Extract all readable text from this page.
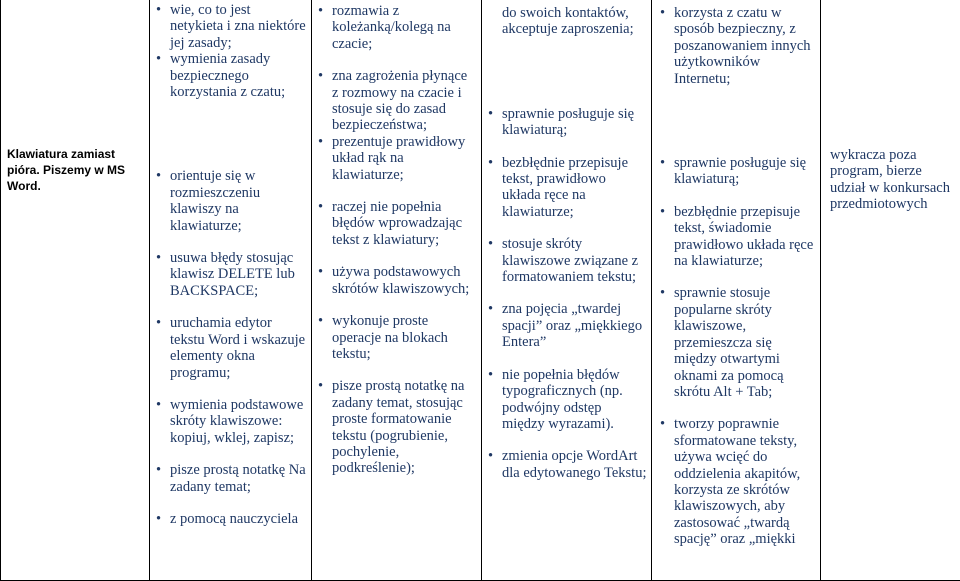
Klawiatura zamiast pióra. Piszemy w MS Word.

• wie, co to jest netykieta i zna niektóre jej zasady;
• wymienia zasady bezpiecznego korzystania z czatu;
• orientuje się w rozmieszczeniu klawiszy na klawiaturze;
• usuwa błędy stosując klawisz DELETE lub BACKSPACE;
• uruchamia edytor tekstu Word i wskazuje elementy okna programu;
• wymienia podstawowe skróty klawiszowe: kopiuj, wklej, zapisz;
• pisze prostą notatkę Na zadany temat;
• z pomocą nauczyciela

• rozmawia z koleżanką/kolegą na czacie;
• zna zagrożenia płynące z rozmowy na czacie i stosuje się do zasad bezpieczeństwa;
• prezentuje prawidłowy układ rąk na klawiaturze;
• raczej nie popełnia błędów wprowadzając tekst z klawiatury;
• używa podstawowych skrótów klawiszowych;
• wykonuje proste operacje na blokach tekstu;
• pisze prostą notatkę na zadany temat, stosując proste formatowanie tekstu (pogrubienie, pochylenie, podkreślenie);

do swoich kontaktów, akceptuje zaproszenia;
• sprawnie posługuje się klawiaturą;
• bezbłędnie przepisuje tekst, prawidłowo układa ręce na klawiaturze;
• stosuje skróty klawiszowe związane z formatowaniem tekstu;
• zna pojęcia „twardej spacji” oraz „miękkiego Entera”
• nie popełnia błędów typograficznych (np. podwójny odstęp między wyrazami).
• zmienia opcje WordArt dla edytowanego Tekstu;

• korzysta z czatu w sposób bezpieczny, z poszanowaniem innych użytkowników Internetu;
• sprawnie posługuje się klawiaturą;
• bezbłędnie przepisuje tekst, świadomie prawidłowo układa ręce na klawiaturze;
• sprawnie stosuje popularne skróty klawiszowe, przemieszcza się między otwartymi oknami za pomocą skrótu Alt + Tab;
• tworzy poprawnie sformatowane teksty, używa wcięć do oddzielenia akapitów, korzysta ze skrótów klawiszowych, aby zastosować „twardą spację” oraz „miękki

wykracza poza program, bierze udział w konkursach przedmiotowych
